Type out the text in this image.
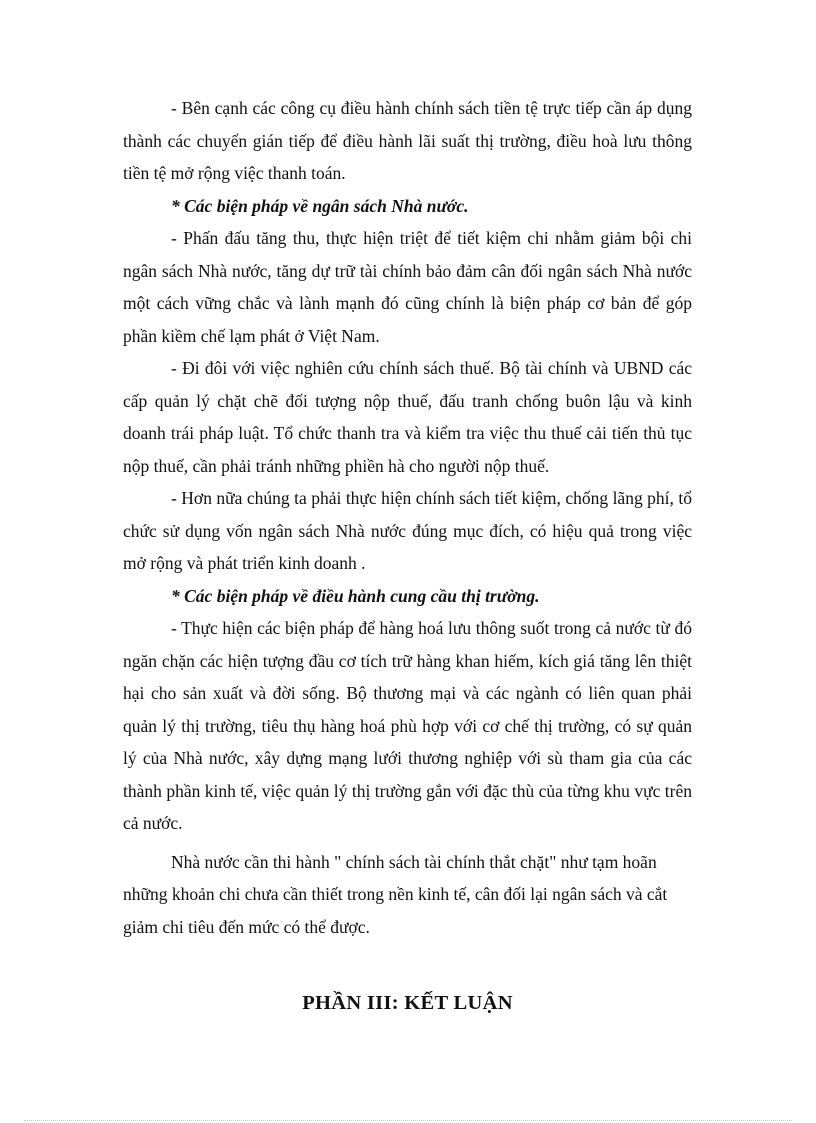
- Bên cạnh các công cụ điều hành chính sách tiền tệ trực tiếp cần áp dụng thành các chuyển gián tiếp để điều hành lãi suất thị trường, điều hoà lưu thông tiền tệ mở rộng việc thanh toán.

* Các biện pháp về ngân sách Nhà nước.

- Phấn đấu tăng thu, thực hiện triệt để tiết kiệm chi nhằm giảm bội chi ngân sách Nhà nước, tăng dự trữ tài chính bảo đảm cân đối ngân sách Nhà nước một cách vững chắc và lành mạnh đó cũng chính là biện pháp cơ bản để góp phần kiềm chế lạm phát ở Việt Nam.

- Đi đôi với việc nghiên cứu chính sách thuế. Bộ tài chính và UBND các cấp quản lý chặt chẽ đối tượng nộp thuế, đấu tranh chống buôn lậu và kinh doanh trái pháp luật. Tổ chức thanh tra và kiểm tra việc thu thuế cải tiến thủ tục nộp thuế, cần phải tránh những phiền hà cho người nộp thuế.

- Hơn nữa chúng ta phải thực hiện chính sách tiết kiệm, chống lãng phí, tổ chức sử dụng vốn ngân sách Nhà nước đúng mục đích, có hiệu quả trong việc mở rộng và phát triển kinh doanh .

* Các biện pháp về điều hành cung cầu thị trường.

- Thực hiện các biện pháp để hàng hoá lưu thông suốt trong cả nước từ đó ngăn chặn các hiện tượng đầu cơ tích trữ hàng khan hiếm, kích giá tăng lên thiệt hại cho sản xuất và đời sống. Bộ thương mại và các ngành có liên quan phải quản lý thị trường, tiêu thụ hàng hoá phù hợp với cơ chế thị trường, có sự quản lý của Nhà nước, xây dựng mạng lưới thương nghiệp với sù tham gia của các thành phần kinh tế, việc quản lý thị trường gắn với đặc thù của từng khu vực trên cả nước.

Nhà nước cần thi hành " chính sách tài chính thắt chặt" như tạm hoãn những khoản chi chưa cần thiết trong nền kinh tế, cân đối lại ngân sách và cắt giảm chi tiêu đến mức có thể được.

PHẦN III: KẾT LUẬN
